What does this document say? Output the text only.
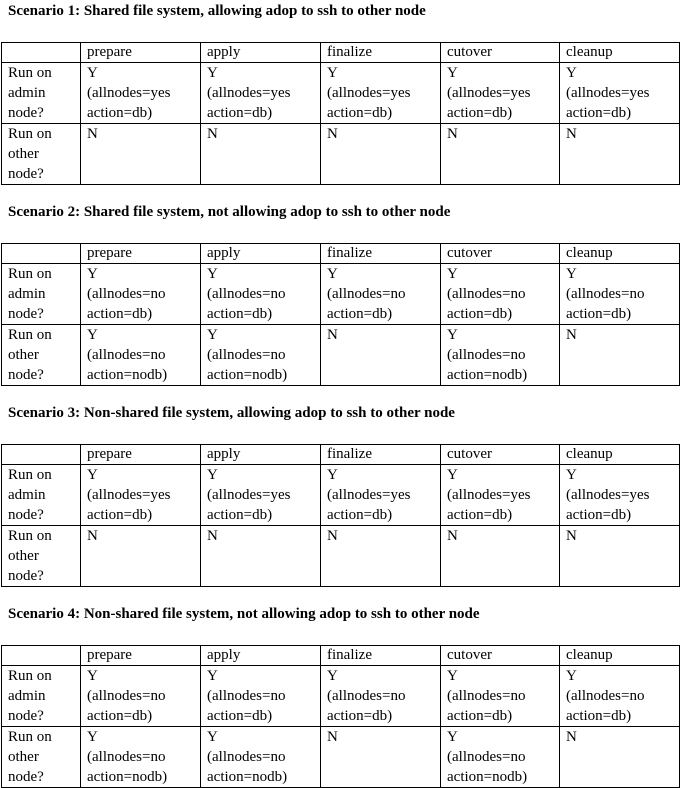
Scenario 1: Shared file system, allowing adop to ssh to other node
	prepare	apply	finalize	cutover	cleanup

Run on
admin
node?	Y
(allnodes=yes
action=db)	Y
(allnodes=yes
action=db)	Y
(allnodes=yes
action=db)	Y
(allnodes=yes
action=db)	Y
(allnodes=yes
action=db)

Run on
other
node?	N	N	N	N	N
Scenario 2: Shared file system, not allowing adop to ssh to other node
	prepare	apply	finalize	cutover	cleanup

Run on
admin
node?	Y
(allnodes=no
action=db)	Y
(allnodes=no
action=db)	Y
(allnodes=no
action=db)	Y
(allnodes=no
action=db)	Y
(allnodes=no
action=db)

Run on
other
node?	Y
(allnodes=no
action=nodb)	Y
(allnodes=no
action=nodb)	N	Y
(allnodes=no
action=nodb)	N
Scenario 3: Non-shared file system, allowing adop to ssh to other node
	prepare	apply	finalize	cutover	cleanup

Run on
admin
node?	Y
(allnodes=yes
action=db)	Y
(allnodes=yes
action=db)	Y
(allnodes=yes
action=db)	Y
(allnodes=yes
action=db)	Y
(allnodes=yes
action=db)

Run on
other
node?	N	N	N	N	N
Scenario 4: Non-shared file system, not allowing adop to ssh to other node
	prepare	apply	finalize	cutover	cleanup

Run on
admin
node?	Y
(allnodes=no
action=db)	Y
(allnodes=no
action=db)	Y
(allnodes=no
action=db)	Y
(allnodes=no
action=db)	Y
(allnodes=no
action=db)

Run on
other
node?	Y
(allnodes=no
action=nodb)	Y
(allnodes=no
action=nodb)	N	Y
(allnodes=no
action=nodb)	N
